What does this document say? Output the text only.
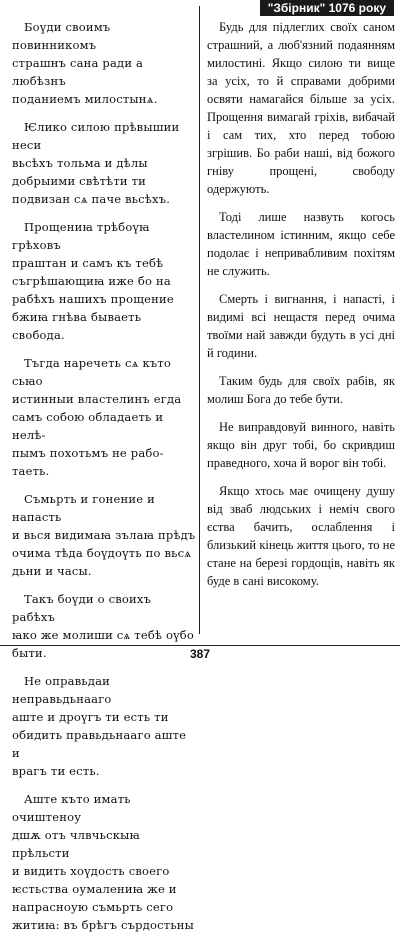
"Збірник" 1076 року

Боүди своимъ повинникомъ
страшнъ сана ради а любѣзнъ
поданиемъ милостынѧ.

Ѥлико силою прѣвышии неси
вьсѣхъ тольма и дѣлы
добрыими свѣтѣти ти
подвизан сѧ паче вьсѣхъ.

Прощениꙗ трѣбоүꙗ грѣховъ
праштан и самъ къ тебѣ
съгрѣшающиꙗ иже бо на
рабѣхъ нашихъ прощение
бжиꙗ гнѣва бываеть свобода.

Тъгда наречеть сѧ къто сьꙗо
истинныи властелинъ егда
самъ собою обладаеть и нелѣ-
пымъ похотьмъ не рабо-
таеть.

Съмьрть и гонение и напасть
и вься видимаꙗ зълаꙗ прѣдъ
очима тѣда боүдоүть по вьсѧ
дьни и часы.

Такъ боүди о своихъ рабѣхъ
ꙗко же молиши сѧ тебѣ оүбо
быти.

Не оправьдаи неправьдьнааго
аште и дроүгъ ти есть ти
обидить правьдьнааго аште и
врагъ ти есть.

Аште къто имать очиштеноу
дшѫ отъ члвчьскыꙗ прѣльсти
и видить хоүдость своего
ѥстьства оумалениꙗ же и
напрасноую съмьрть сего
житиꙗ: въ брѣгъ сърдостьны

Будь для підлеглих своїх саном страшний, а люб'язний подаянням милостині. Якщо силою ти вище за усіх, то й справами добрими освяти намагайся більше за усіх. Прощення вимагай гріхів, вибачай і сам тих, хто перед тобою згрішив. Бо раби наші, від божого гніву прощені, свободу одержують.

Тоді лише назвуть когось властелином істинним, якщо себе подолає і непривабливим похітям не служить.

Смерть і вигнання, і напасті, і видимі всі нещастя перед очима твоїми най завжди будуть в усі дні й години.

Таким будь для своїх рабів, як молиш Бога до тебе бути.

Не виправдовуй винного, навіть якщо він друг тобі, бо скривдиш праведного, хоча й ворог він тобі.

Якщо хтось має очищену душу від зваб людських і неміч свого єства бачить, ослаблення і близький кінець життя цього, то не стане на березі гордощів, навіть як буде в сані високому.

387
